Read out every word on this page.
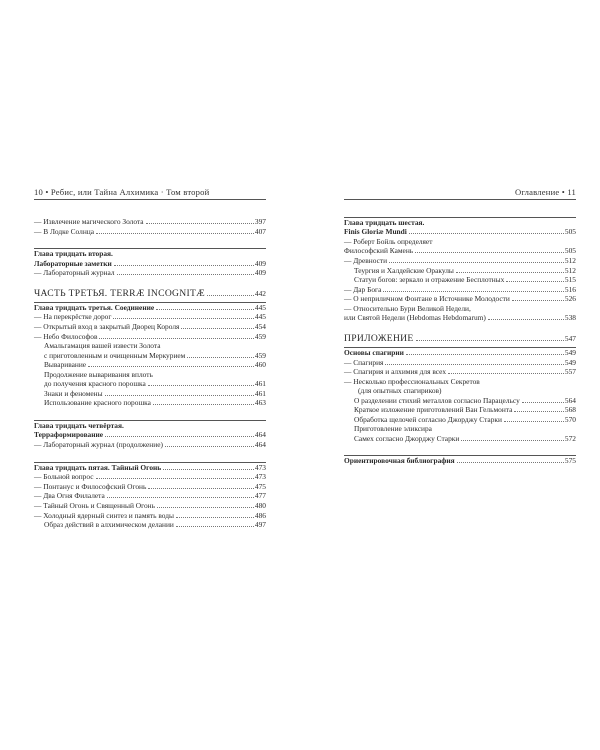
10 • Ребис, или Тайна Алхимика · Том второй
— Извлечение магического Золота	397
— В Лодке Солнца	407
Глава тридцать вторая.
Лабораторные заметки	409
— Лабораторный журнал	409
ЧАСТЬ ТРЕТЬЯ. TERRÆ INCOGNITÆ	442
Глава тридцать третья. Соединение	445
— На перекрёстке дорог	445
— Открытый вход в закрытый Дворец Короля	454
— Небо Философов	459
Амальгамация вашей извести Золота
с приготовленным и очищенным Меркурием	459
Вываривание	460
Продолжение вываривания вплоть
до получения красного порошка	461
Знаки и феномены	461
Использование красного порошка	463
Глава тридцать четвёртая.
Терраформирование	464
— Лабораторный журнал (продолжение)	464
Глава тридцать пятая. Тайный Огонь	473
— Больной вопрос	473
— Понтанус и Философский Огонь	475
— Два Огня Филалета	477
— Тайный Огонь и Священный Огонь	480
— Холодный ядерный синтез и память воды	486
Образ действий в алхимическом делании	497
Оглавление • 11
Глава тридцать шестая.
Finis Gloriæ Mundi	505
— Роберт Бойль определяет
Философский Камень	505
— Древности	512
Теургия и Халдейские Оракулы	512
Статуи богов: зеркало и отражение Бесплотных	515
— Дар Бога	516
— О неприличном Фонтане в Источнике Молодости	526
— Относительно Бури Великой Недели,
или Святой Недели (Hebdomas Hebdomarum)	538
ПРИЛОЖЕНИЕ	547
Основы спагирии	549
— Спагирия	549
— Спагирия и алхимия для всех	557
— Несколько профессиональных Секретов
(для опытных спагириков)
О разделении стихий металлов согласно Парацельсу	564
Краткое изложение приготовлений Ван Гельмонта	568
Обработка щелочей согласно Джорджу Старки	570
Приготовление эликсира
Самех согласно Джорджу Старки	572
Ориентировочная библиография	575
